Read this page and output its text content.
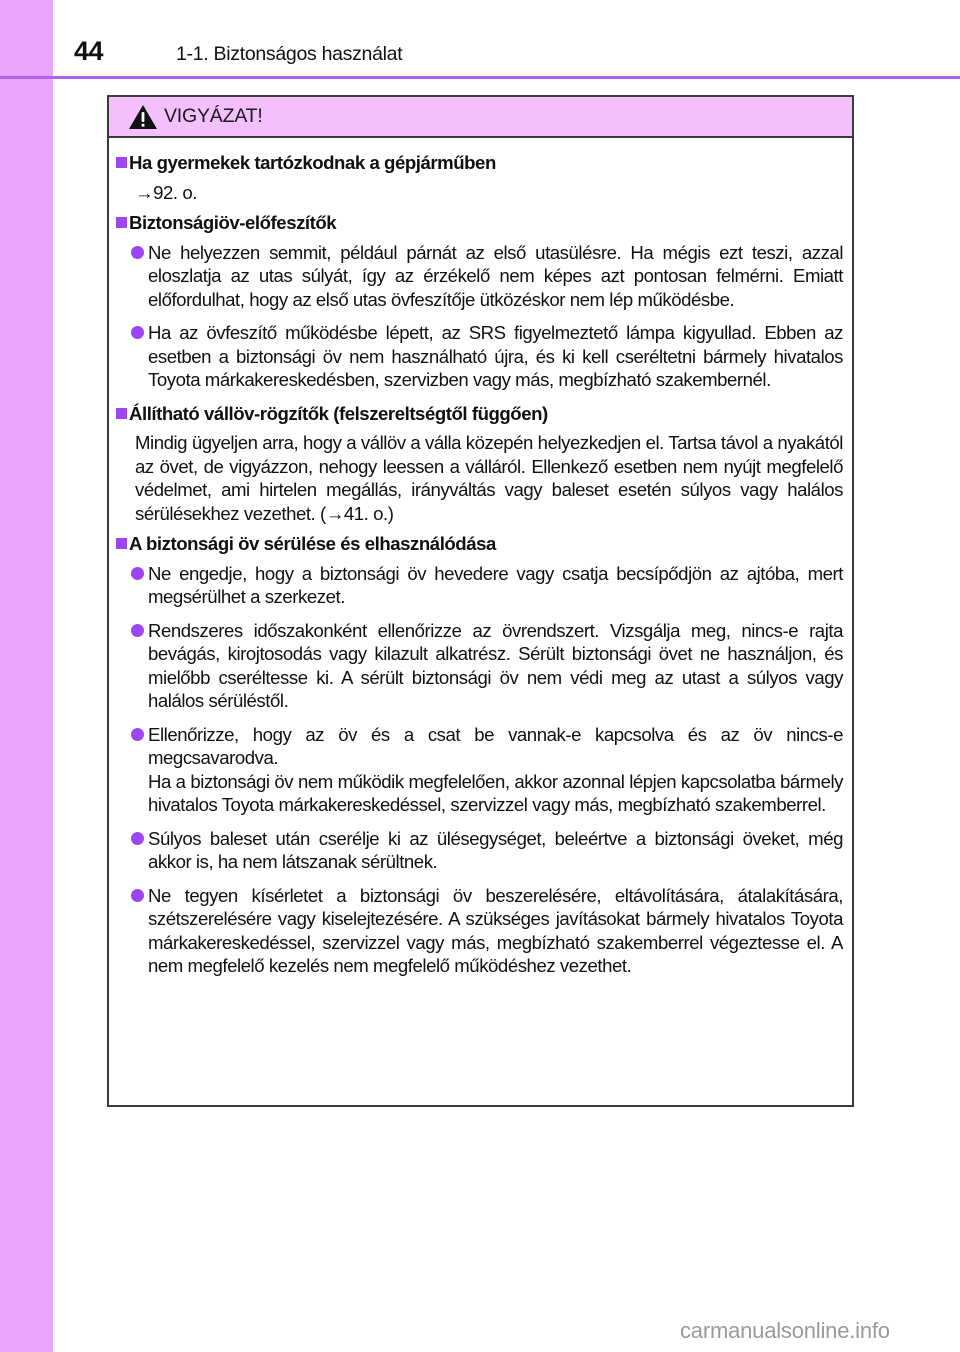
44	1-1. Biztonságos használat
VIGYÁZAT!
Ha gyermekek tartózkodnak a gépjárműben
→92. o.
Biztonságiöv-előfeszítők
Ne helyezzen semmit, például párnát az első utasülésre. Ha mégis ezt teszi, azzal eloszlatja az utas súlyát, így az érzékelő nem képes azt pontosan felmérni. Emiatt előfordulhat, hogy az első utas övfeszítője ütközéskor nem lép működésbe.
Ha az övfeszítő működésbe lépett, az SRS figyelmeztető lámpa kigyullad. Ebben az esetben a biztonsági öv nem használható újra, és ki kell cseréltetni bármely hivatalos Toyota márkakereskedésben, szervizben vagy más, megbízható szakembernél.
Állítható vállöv-rögzítők (felszereltségtől függően)
Mindig ügyeljen arra, hogy a vállöv a válla közepén helyezkedjen el. Tartsa távol a nyakától az övet, de vigyázzon, nehogy leessen a válláról. Ellenkező esetben nem nyújt megfelelő védelmet, ami hirtelen megállás, irányváltás vagy baleset esetén súlyos vagy halálos sérülésekhez vezethet. (→41. o.)
A biztonsági öv sérülése és elhasználódása
Ne engedje, hogy a biztonsági öv hevedere vagy csatja becsípődjön az ajtóba, mert megsérülhet a szerkezet.
Rendszeres időszakonként ellenőrizze az övrendszert. Vizsgálja meg, nincs-e rajta bevágás, kirojtosodás vagy kilazult alkatrész. Sérült biztonsági övet ne használjon, és mielőbb cseréltesse ki. A sérült biztonsági öv nem védi meg az utast a súlyos vagy halálos sérüléstől.
Ellenőrizze, hogy az öv és a csat be vannak-e kapcsolva és az öv nincs-e megcsavarodva.
Ha a biztonsági öv nem működik megfelelően, akkor azonnal lépjen kapcsolatba bármely hivatalos Toyota márkakereskedéssel, szervizzel vagy más, megbízható szakemberrel.
Súlyos baleset után cserélje ki az ülésegységet, beleértve a biztonsági öveket, még akkor is, ha nem látszanak sérültnek.
Ne tegyen kísérletet a biztonsági öv beszerelésére, eltávolítására, átalakítására, szétszerelésére vagy kiselejtezésére. A szükséges javításokat bármely hivatalos Toyota márkakereskedéssel, szervizzel vagy más, megbízható szakemberrel végeztesse el. A nem megfelelő kezelés nem megfelelő működéshez vezethet.
carmanualsonline.info
